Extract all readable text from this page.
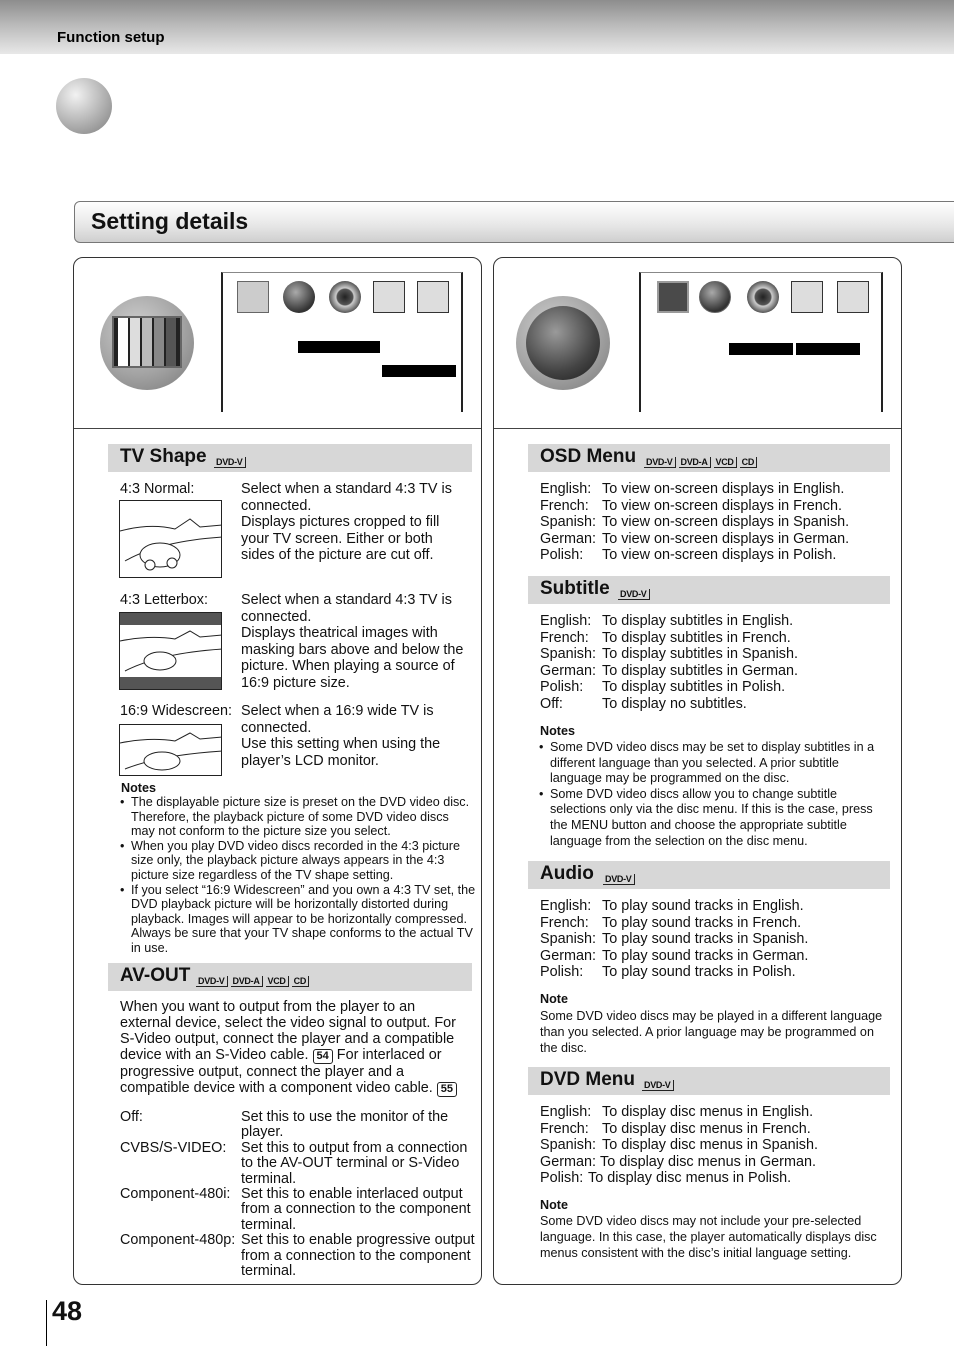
Function setup
Setting details
TV Shape DVD-V
4:3 Normal:	Select when a standard 4:3 TV is
connected.
Displays pictures cropped to fill
your TV screen. Either or both
sides of the picture are cut off.
4:3 Letterbox: Select when a standard 4:3 TV is
connected.
Displays theatrical images with
masking bars above and below the
picture. When playing a source of
16:9 picture size.
16:9 Widescreen: Select when a 16:9 wide TV is
connected.
Use this setting when using the
player’s LCD monitor.
Notes
• The displayable picture size is preset on the DVD video disc. Therefore, the playback picture of some DVD video discs may not conform to the picture size you select.
• When you play DVD video discs recorded in the 4:3 picture size only, the playback picture always appears in the 4:3 picture size regardless of the TV shape setting.
• If you select “16:9 Widescreen” and you own a 4:3 TV set, the DVD playback picture will be horizontally distorted during playback. Images will appear to be horizontally compressed. Always be sure that your TV shape conforms to the actual TV in use.
AV-OUT DVD-V DVD-A VCD CD
When you want to output from the player to an external device, select the video signal to output. For S-Video output, connect the player and a compatible device with an S-Video cable. 54 For interlaced or progressive output, connect the player and a compatible device with a component video cable. 55
Off:	Set this to use the monitor of the player.
CVBS/S-VIDEO:	Set this to output from a connection to the AV-OUT terminal or S-Video terminal.
Component-480i: Set this to enable interlaced output from a connection to the component terminal.
Component-480p: Set this to enable progressive output from a connection to the component terminal.
OSD Menu DVD-V DVD-A VCD CD
English: To view on-screen displays in English.
French: To view on-screen displays in French.
Spanish: To view on-screen displays in Spanish.
German: To view on-screen displays in German.
Polish:	To view on-screen displays in Polish.
Subtitle DVD-V
English: To display subtitles in English.
French: To display subtitles in French.
Spanish: To display subtitles in Spanish.
German: To display subtitles in German.
Polish:	To display subtitles in Polish.
Off:	To display no subtitles.
Notes
• Some DVD video discs may be set to display subtitles in a different language than you selected. A prior subtitle language may be programmed on the disc.
• Some DVD video discs allow you to change subtitle selections only via the disc menu. If this is the case, press the MENU button and choose the appropriate subtitle language from the selection on the disc menu.
Audio DVD-V
English: To play sound tracks in English.
French: To play sound tracks in French.
Spanish: To play sound tracks in Spanish.
German: To play sound tracks in German.
Polish:	To play sound tracks in Polish.
Note
Some DVD video discs may be played in a different language than you selected. A prior language may be programmed on the disc.
DVD Menu DVD-V
English: To display disc menus in English.
French: To display disc menus in French.
Spanish: To display disc menus in Spanish.
German: To display disc menus in German.
Polish: To display disc menus in Polish.
Note
Some DVD video discs may not include your pre-selected language. In this case, the player automatically displays disc menus consistent with the disc’s initial language setting.
48
